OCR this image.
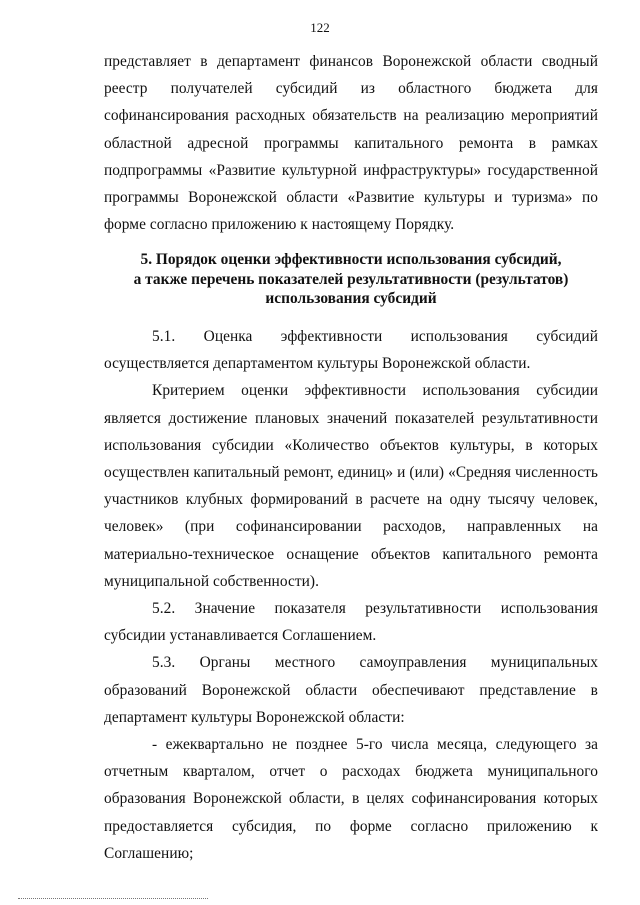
122

представляет в департамент финансов Воронежской области сводный

реестр получателей субсидий из областного бюджета для

софинансирования расходных обязательств на реализацию мероприятий областной адресной программы капитального ремонта в рамках подпрограммы «Развитие культурной инфраструктуры» государственной программы Воронежской области «Развитие культуры и туризма» по форме согласно приложению к настоящему Порядку.

5. Порядок оценки эффективности использования субсидий,
а также перечень показателей результативности (результатов)
использования субсидий

5.1. Оценка эффективности использования субсидий

осуществляется департаментом культуры Воронежской области.

Критерием оценки эффективности использования субсидии является достижение плановых значений показателей результативности использования субсидии «Количество объектов культуры, в которых осуществлен капитальный ремонт, единиц» и (или) «Средняя численность участников клубных формирований в расчете на одну тысячу человек, человек» (при софинансировании расходов, направленных на материально-техническое оснащение объектов капитального ремонта муниципальной собственности).

5.2. Значение показателя результативности использования субсидии устанавливается Соглашением.

5.3. Органы местного самоуправления муниципальных образований Воронежской области обеспечивают представление в департамент культуры Воронежской области:

- ежеквартально не позднее 5-го числа месяца, следующего за отчетным кварталом, отчет о расходах бюджета муниципального образования Воронежской области, в целях софинансирования которых предоставляется субсидия, по форме согласно приложению к Соглашению;
